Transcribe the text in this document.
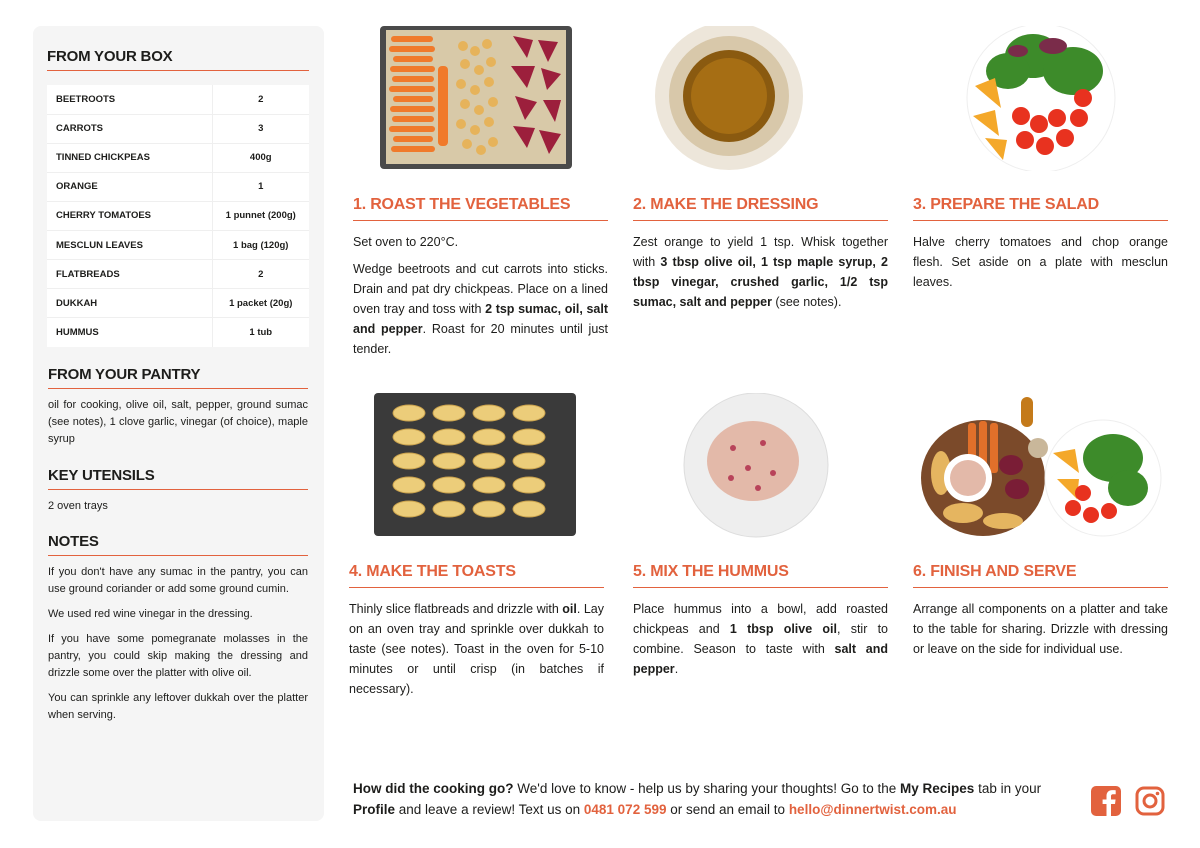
FROM YOUR BOX
BEETROOTS	2
CARROTS	3
TINNED CHICKPEAS	400g
ORANGE	1
CHERRY TOMATOES	1 punnet (200g)
MESCLUN LEAVES	1 bag (120g)
FLATBREADS	2
DUKKAH	1 packet (20g)
HUMMUS	1 tub
FROM YOUR PANTRY

oil for cooking, olive oil, salt, pepper, ground sumac (see notes), 1 clove garlic, vinegar (of choice), maple syrup

KEY UTENSILS

2 oven trays

NOTES

If you don't have any sumac in the pantry, you can use ground coriander or add some ground cumin.

We used red wine vinegar in the dressing.

If you have some pomegranate molasses in the pantry, you could skip making the dressing and drizzle some over the platter with olive oil.

You can sprinkle any leftover dukkah over the platter when serving.

1. ROAST THE VEGETABLES

Set oven to 220°C.

Wedge beetroots and cut carrots into sticks. Drain and pat dry chickpeas. Place on a lined oven tray and toss with 2 tsp sumac, oil, salt and pepper. Roast for 20 minutes until just tender.

2. MAKE THE DRESSING

Zest orange to yield 1 tsp. Whisk together with 3 tbsp olive oil, 1 tsp maple syrup, 2 tbsp vinegar, crushed garlic, 1/2 tsp sumac, salt and pepper (see notes).

3. PREPARE THE SALAD

Halve cherry tomatoes and chop orange flesh. Set aside on a plate with mesclun leaves.

4. MAKE THE TOASTS

Thinly slice flatbreads and drizzle with oil. Lay on an oven tray and sprinkle over dukkah to taste (see notes). Toast in the oven for 5-10 minutes or until crisp (in batches if necessary).

5. MIX THE HUMMUS

Place hummus into a bowl, add roasted chickpeas and 1 tbsp olive oil, stir to combine. Season to taste with salt and pepper.

6. FINISH AND SERVE

Arrange all components on a platter and take to the table for sharing. Drizzle with dressing or leave on the side for individual use.

How did the cooking go? We'd love to know - help us by sharing your thoughts! Go to the My Recipes tab in your Profile and leave a review! Text us on 0481 072 599 or send an email to hello@dinnertwist.com.au
